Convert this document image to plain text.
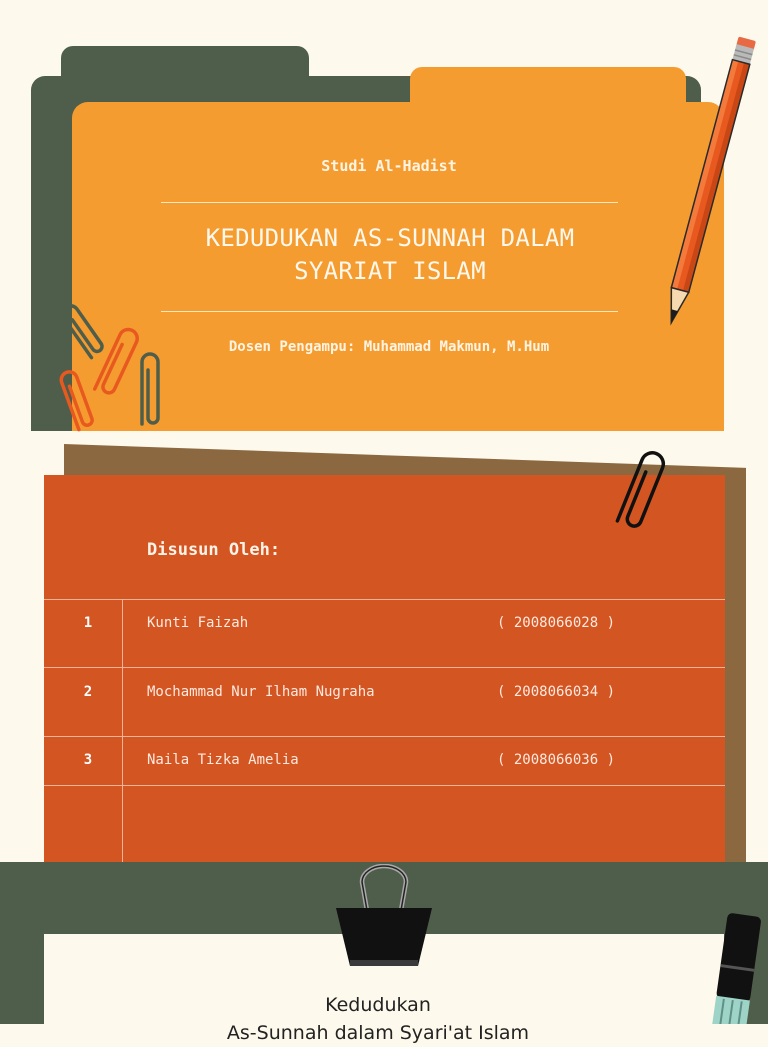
Studi Al-Hadist
KEDUDUKAN AS-SUNNAH DALAM
SYARIAT ISLAM
Dosen Pengampu: Muhammad Makmun, M.Hum
Disusun Oleh:
1	Kunti Faizah	( 2008066028 )
2	Mochammad Nur Ilham Nugraha	( 2008066034 )
3	Naila Tizka Amelia	( 2008066036 )
Kedudukan
As-Sunnah dalam Syari'at Islam
